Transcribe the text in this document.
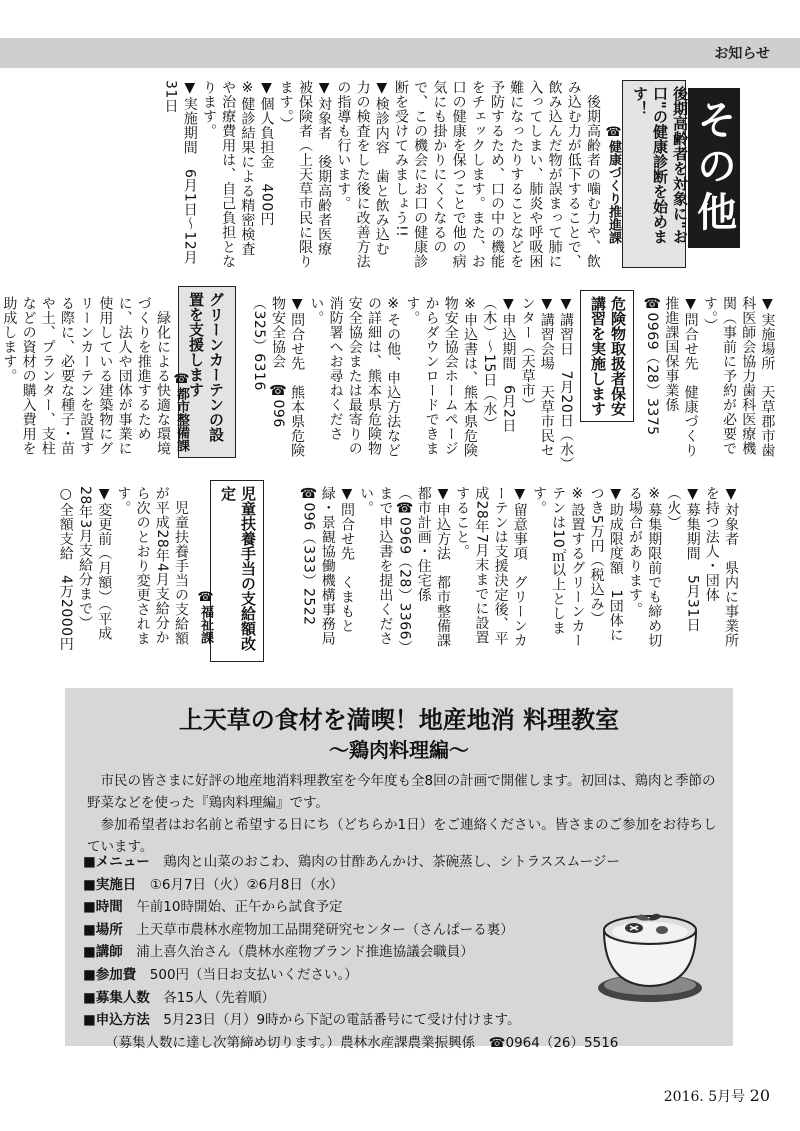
お知らせ
その他
後期高齢者を対象に"お口"の健康診断を始めます！
☎健康づくり推進課

　後期高齢者の噛む力や、飲み込む力が低下することで、飲み込んだ物が誤まって肺に入ってしまい、肺炎や呼吸困難になったりすることなどを予防するため、口の中の機能をチェックします。また、お口の健康を保つことで他の病気にも掛かりにくくなるので、この機会にお口の健康診断を受けてみましょう!!

▼検診内容　歯と飲み込む力の検査をした後に改善方法の指導も行います。

▼対象者　後期高齢者医療被保険者（上天草市民に限ります。）

▼個人負担金　400円

※健診結果による精密検査や治療費用は、自己負担となります。

▼実施期間　6月1日～12月31日

▼実施場所　天草郡市歯科医師会協力歯科医療機関（事前に予約が必要です。）

▼問合せ先　健康づくり推進課国保事業係　☎0969（28）3375

危険物取扱者保安講習を実施します

▼講習日　7月20日（水）

▼講習会場　天草市民センター（天草市）

▼申込期間　6月2日（木）～15日（水）

※申込書は、熊本県危険物安全協会ホームページからダウンロードできます。

※その他、申込方法などの詳細は、熊本県危険物安全協会または最寄りの消防署へお尋ねください。

▼問合せ先　熊本県危険物安全協会　☎096（325）6316

グリーンカーテンの設置を支援します
☎都市整備課

　緑化による快適な環境づくりを推進するために、法人や団体が事業に使用している建築物にグリーンカーテンを設置する際に、必要な種子・苗や土、プランター、支柱などの資材の購入費用を助成します。

▼対象者　県内に事業所を持つ法人・団体

▼募集期間　5月31日（火）

※募集期限前でも締め切る場合があります。

▼助成限度額　1団体につき5万円（税込み）

※設置するグリーンカーテンは10㎡以上とします。

▼留意事項　グリーンカーテンは支援決定後、平成28年7月末までに設置すること。

▼申込方法　都市整備課都市計画・住宅係（☎0969（28）3366）まで申込書を提出ください。

▼問合せ先　くまもと緑・景観協働機構事務局　☎096（333）2522

児童扶養手当の支給額改定
☎福祉課

　児童扶養手当の支給額が平成28年4月支給分から次のとおり変更されます。

▼変更前（月額）（平成28年3月支給分まで）

○全額支給　4万2000円

上天草の食材を満喫！地産地消 料理教室
～鶏肉料理編～

市民の皆さまに好評の地産地消料理教室を今年度も全8回の計画で開催します。初回は、鶏肉と季節の野菜などを使った『鶏肉料理編』です。

参加希望者はお名前と希望する日にち（どちらか1日）をご連絡ください。皆さまのご参加をお待ちしています。

■メニュー　 鶏肉と山菜のおこわ、鶏肉の甘酢あんかけ、茶碗蒸し、シトラススムージー
■実施日　 ①6月7日（火）②6月8日（水）
■時間　 午前10時開始、正午から試食予定
■場所　 上天草市農林水産物加工品開発研究センター（さんぱーる裏）
■講師　 浦上喜久治さん（農林水産物ブランド推進協議会職員）
■参加費　 500円（当日お支払いください。）
■募集人数　 各15人（先着順）
■申込方法　 5月23日（月）9時から下記の電話番号にて受け付けます。
（募集人数に達し次第締め切ります。）農林水産課農業振興係　☎0964（26）5516
2016. 5月号 20
